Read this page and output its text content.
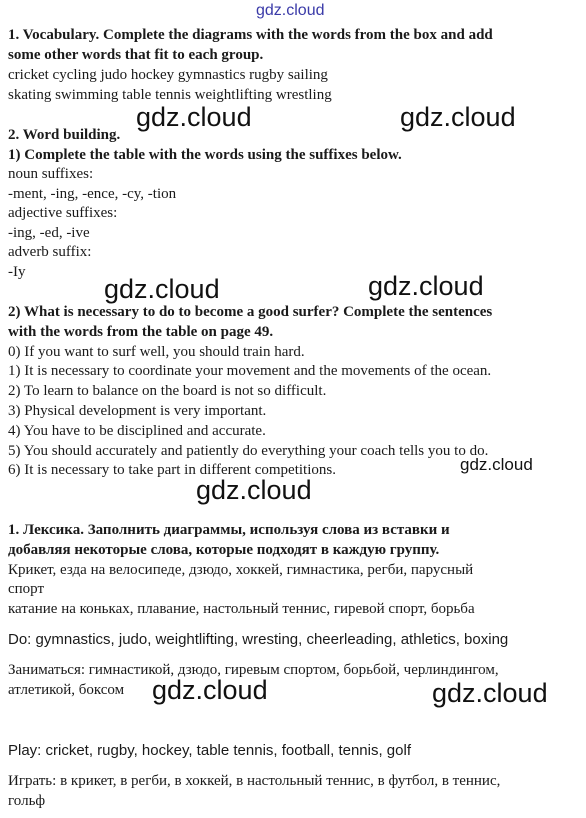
gdz.cloud
1. Vocabulary. Complete the diagrams with the words from the box and add
some other words that fit to each group.
cricket cycling judo hockey gymnastics rugby sailing
skating swimming table tennis weightlifting wrestling
2. Word building.
1) Complete the table with the words using the suffixes below.
noun suffixes:
-ment, -ing, -ence, -cy, -tion
adjective suffixes:
-ing, -ed, -ive
adverb suffix:
-Iy
2) What is necessary to do to become a good surfer? Complete the sentences
with the words from the table on page 49.
0) If you want to surf well, you should train hard.
1) It is necessary to coordinate your movement and the movements of the ocean.
2) To learn to balance on the board is not so difficult.
3) Physical development is very important.
4) You have to be disciplined and accurate.
5) You should accurately and patiently do everything your coach tells you to do.
6) It is necessary to take part in different competitions.
1. Лексика. Заполнить диаграммы, используя слова из вставки и
добавляя некоторые слова, которые подходят в каждую группу.
Крикет, езда на велосипеде, дзюдо, хоккей, гимнастика, регби, парусный
спорт
катание на коньках, плавание, настольный теннис, гиревой спорт, борьба
Do: gymnastics, judo, weightlifting, wresting, cheerleading, athletics, boxing
Заниматься: гимнастикой, дзюдо, гиревым спортом, борьбой, черлиндингом,
атлетикой, боксом
Play: cricket, rugby, hockey, table tennis, football, tennis, golf
Играть: в крикет, в регби, в хоккей, в настольный теннис, в футбол, в теннис,
гольф
gdz.cloud	gdz.cloud
gdz.cloud	gdz.cloud
gdz.cloud
gdz.cloud
gdz.cloud	gdz.cloud
